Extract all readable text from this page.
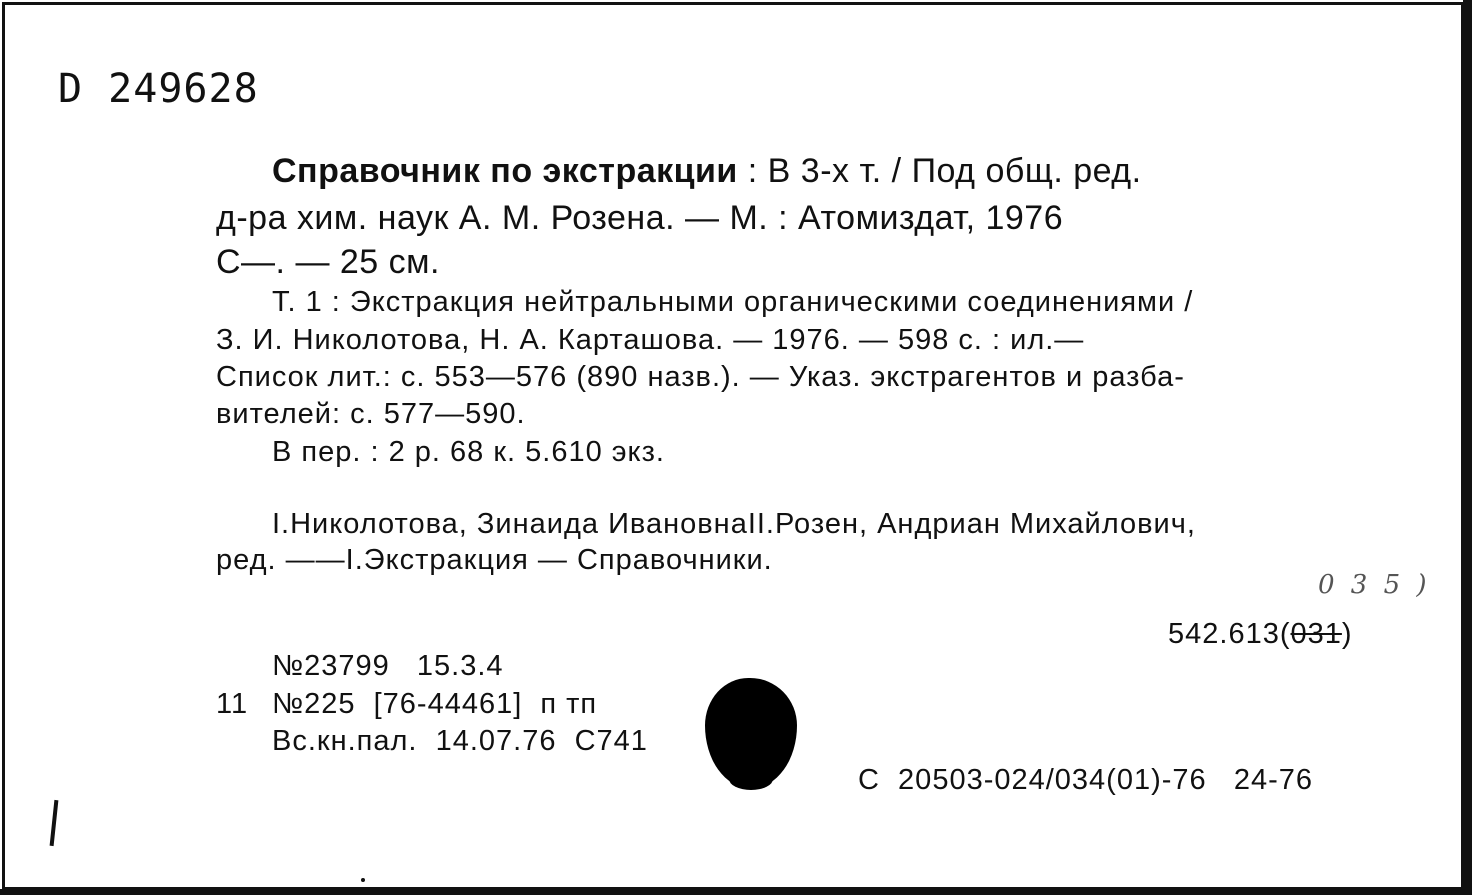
D 249628
Справочник по экстракции : В 3-х т. / Под общ. ред.
д-ра хим. наук А. М. Розена. — М. : Атомиздат, 1976
С—. — 25 см.
Т. 1 : Экстракция нейтральными органическими соединениями /
З. И. Николотова, Н. А. Карташова. — 1976. — 598 с. : ил.—
Список лит.: с. 553—576 (890 назв.). — Указ. экстрагентов и разба-
вителей: с. 577—590.
В пер. : 2 р. 68 к. 5.610 экз.
I.Николотова, Зинаида ИвановнаII.Розен, Андриан Михайлович,
ред. ——I.Экстракция — Справочники.
0 3 5 )
542.613(031)
№23799   15.3.4
11 №225  [76-44461]  п тп
Вс.кн.пал.  14.07.76  С741
С  20503-024/034(01)-76   24-76
